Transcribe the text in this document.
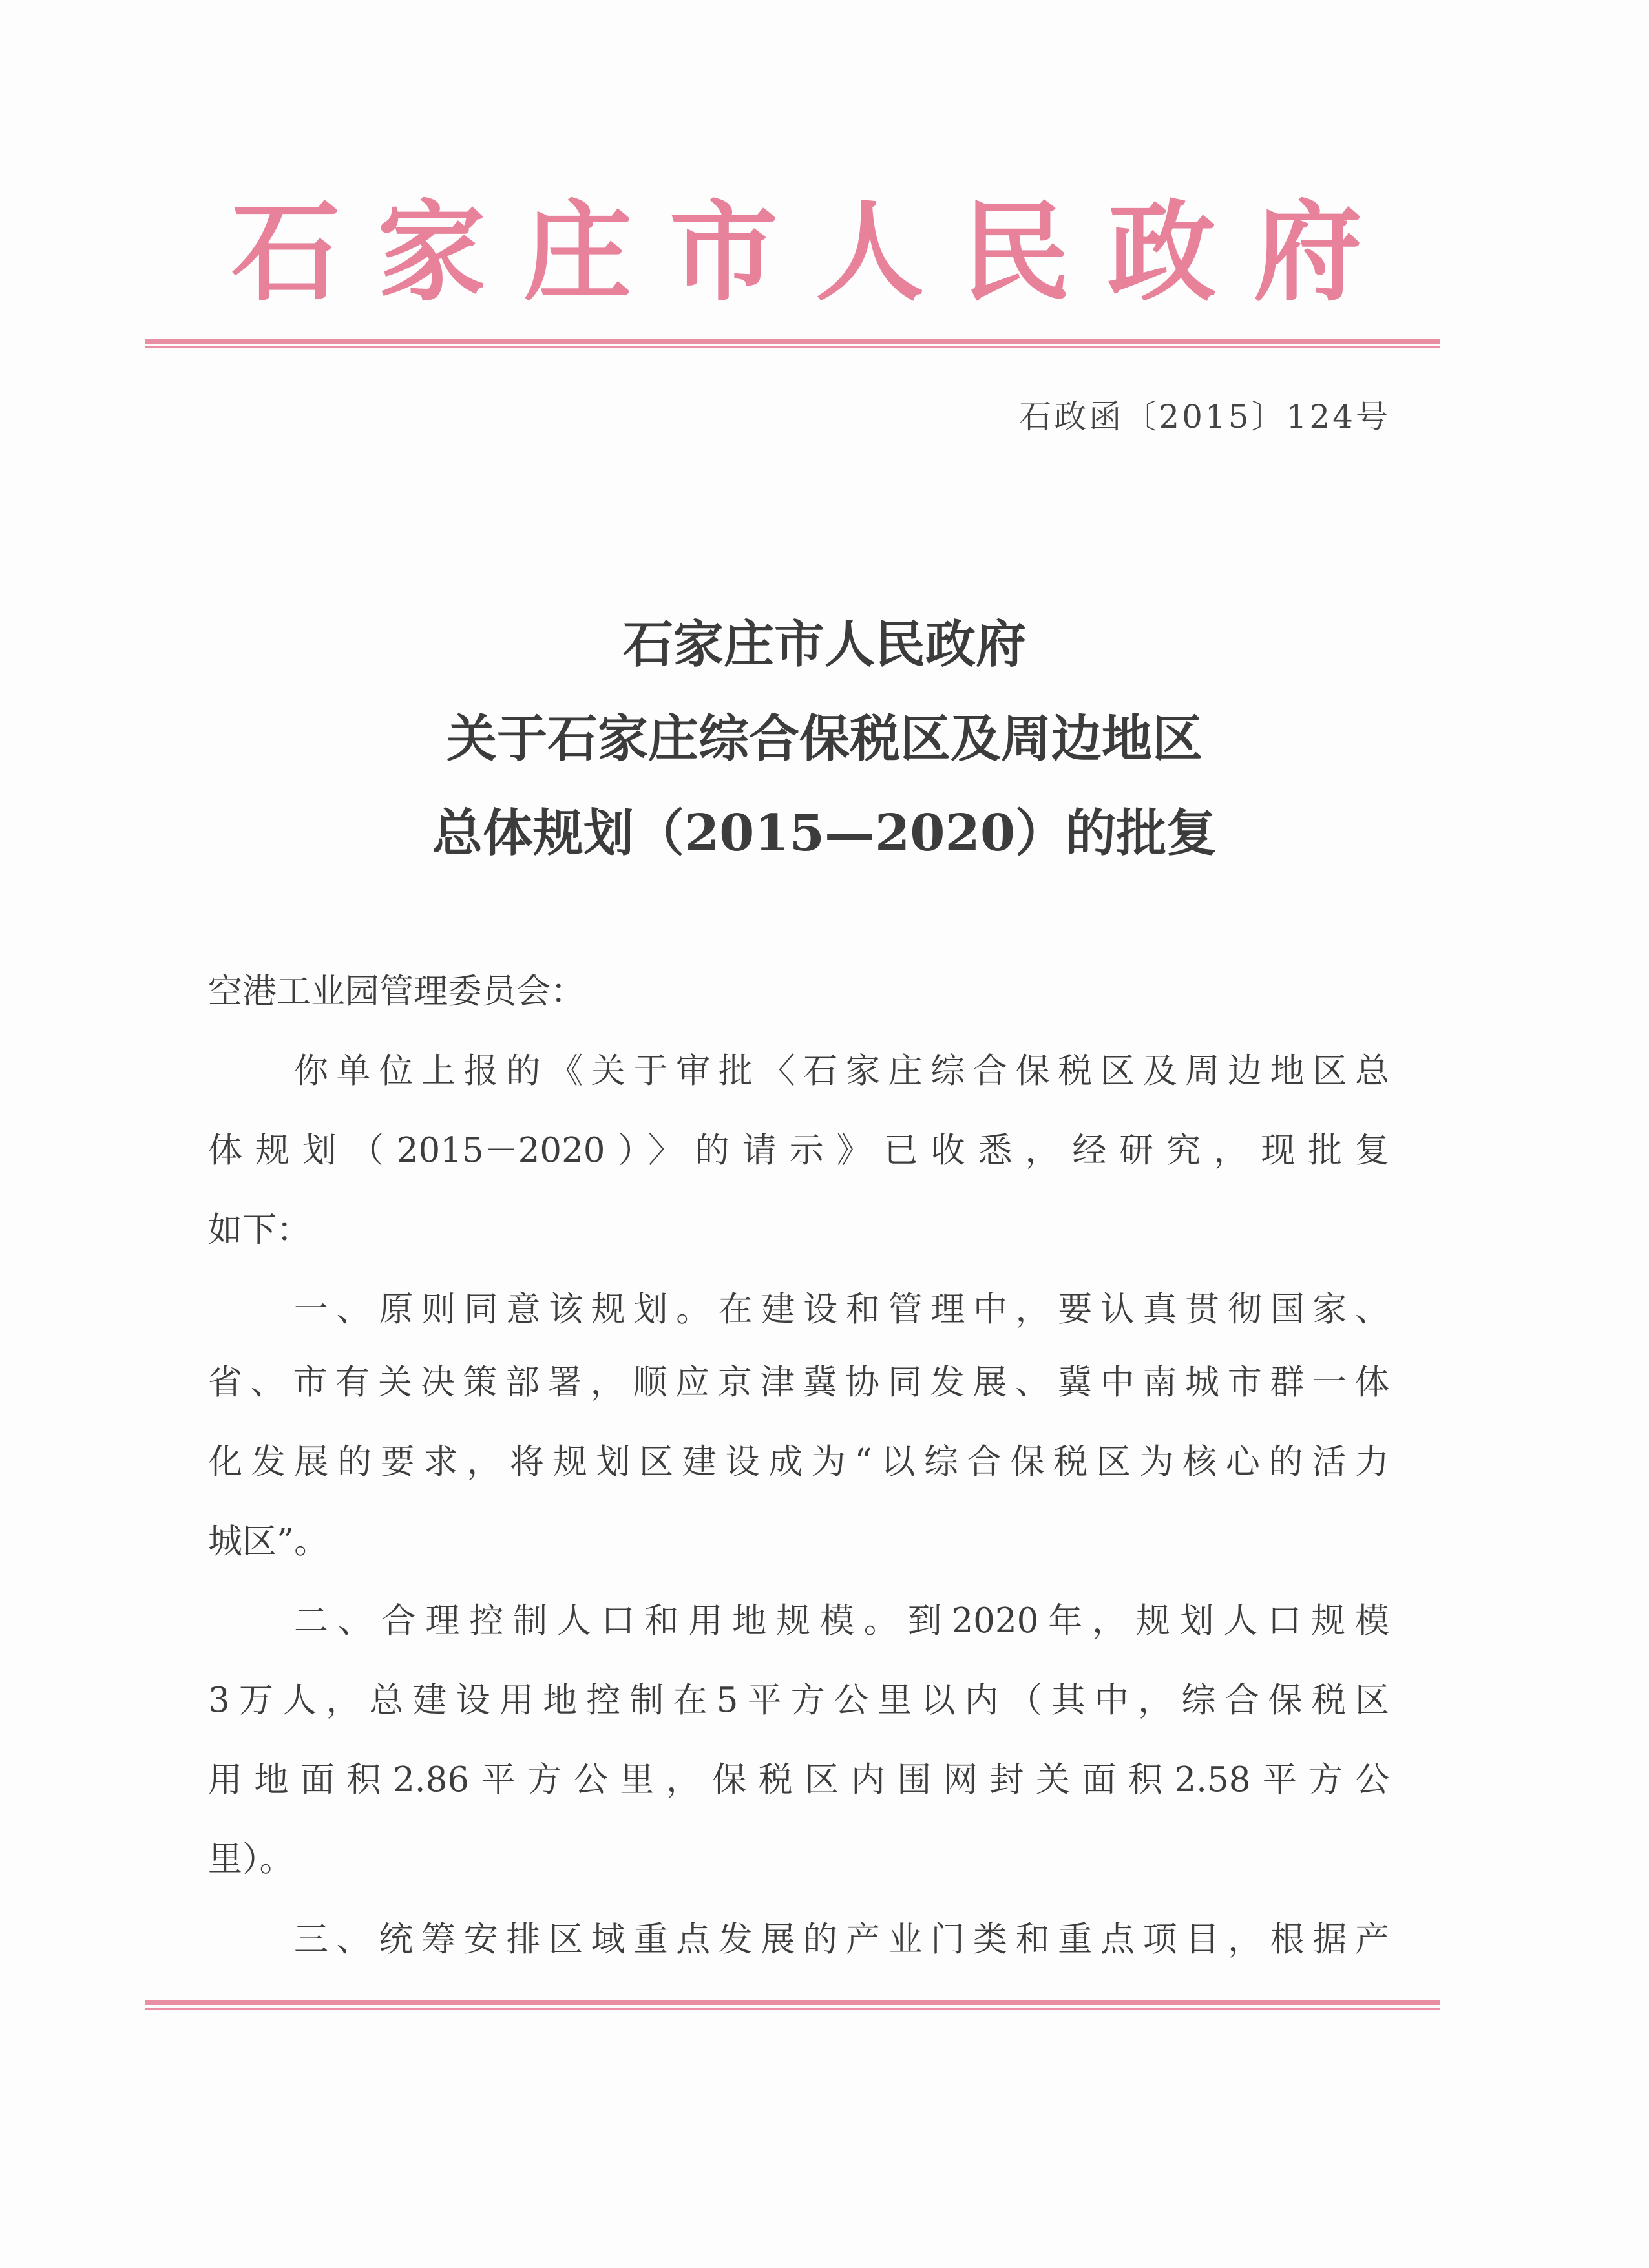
石家庄市人民政府
石政函〔2015〕124号
石家庄市人民政府
关于石家庄综合保税区及周边地区
总体规划（2015—2020）的批复
空港工业园管理委员会：
你单位上报的《关于审批〈石家庄综合保税区及周边地区总
体规划（2015－2020）〉的请示》已收悉，经研究，现批复
如下：
一、原则同意该规划。在建设和管理中，要认真贯彻国家、
省、市有关决策部署，顺应京津冀协同发展、冀中南城市群一体
化发展的要求，将规划区建设成为“以综合保税区为核心的活力
城区”。
二、合理控制人口和用地规模。到2020年，规划人口规模
3万人，总建设用地控制在5平方公里以内（其中，综合保税区
用地面积2.86平方公里，保税区内围网封关面积2.58平方公
里）。
三、统筹安排区域重点发展的产业门类和重点项目，根据产
